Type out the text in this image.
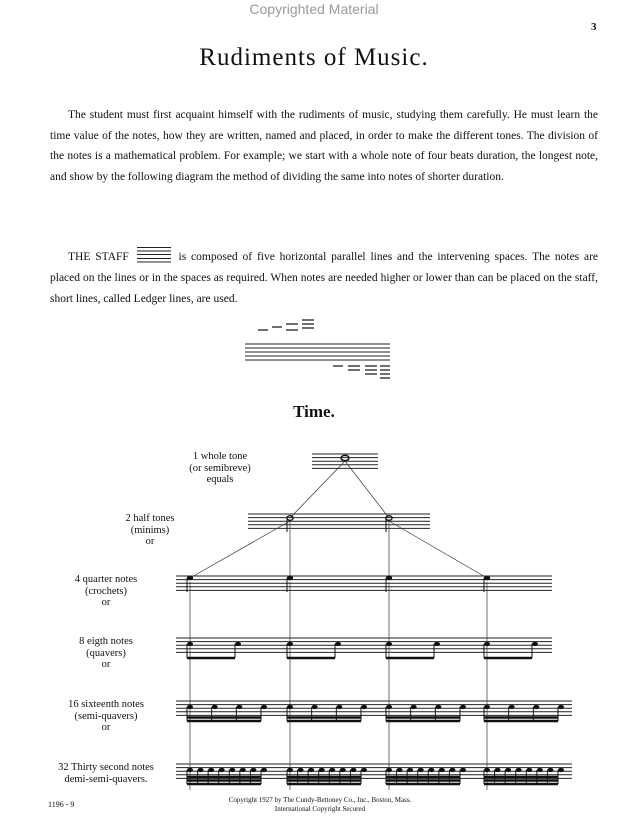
Copyrighted Material
3
Rudiments of Music.

The student must first acquaint himself with the rudiments of music, studying them carefully. He must learn the time value of the notes, how they are written, named and placed, in order to make the different tones. The division of the notes is a mathematical problem. For example; we start with a whole note of four beats duration, the longest note, and show by the following diagram the method of dividing the same into notes of shorter duration.

THE STAFF	is composed of five horizontal parallel lines and the intervening spaces. The notes are placed on the lines or in the spaces as required. When notes are needed higher or lower than can be placed on the staff, short lines, called Ledger lines, are used.

Time.
1 whole tone
(or semibreve)
equals
2 half tones
(minims)
or
4 quarter notes
(crochets)
or
8 eigth notes
(quavers)
or
16 sixteenth notes
(semi-quavers)
or
32 Thirty second notes
demi-semi-quavers.
1196 - 9	Copyright 1927 by The Cundy-Bettoney Co., Inc., Boston, Mass.
International Copyright Secured
